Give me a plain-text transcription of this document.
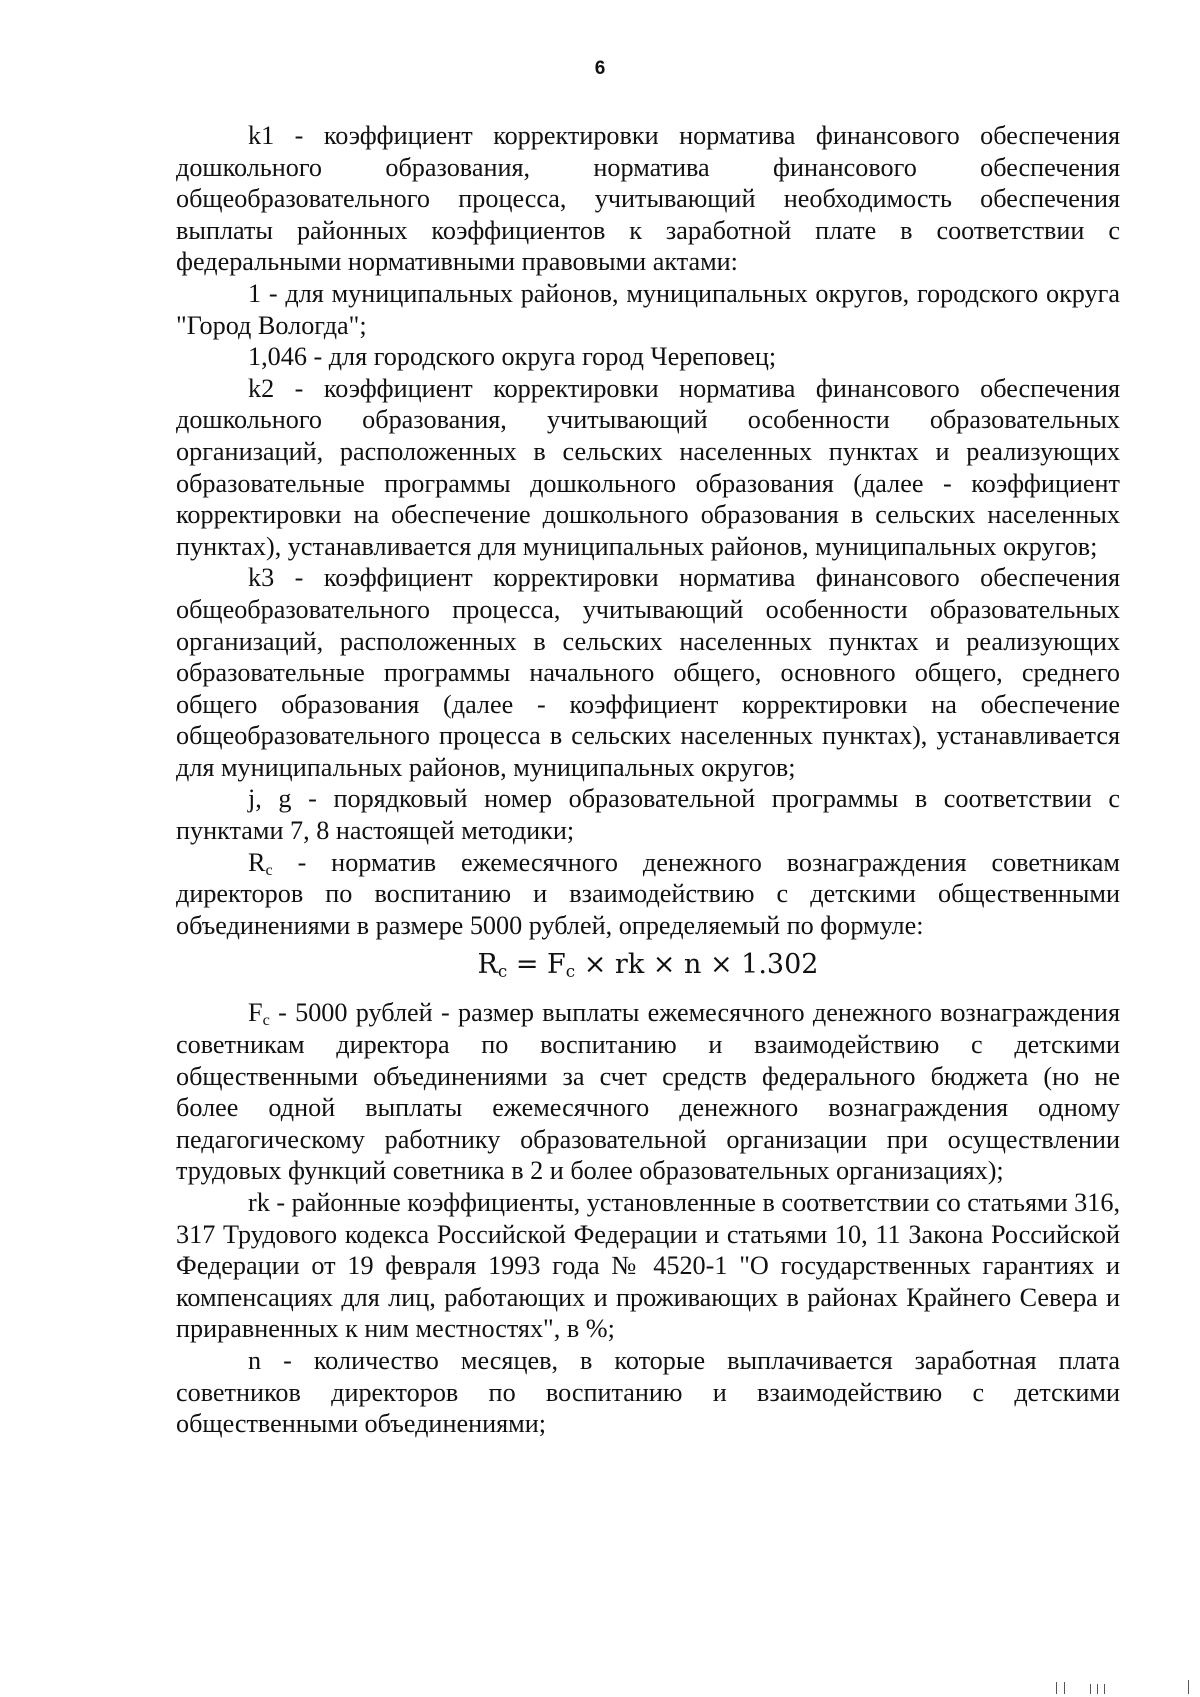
6

k1 - коэффициент корректировки норматива финансового обеспечения дошкольного образования, норматива финансового обеспечения общеобразовательного процесса, учитывающий необходимость обеспечения выплаты районных коэффициентов к заработной плате в соответствии с федеральными нормативными правовыми актами:

1 - для муниципальных районов, муниципальных округов, городского округа "Город Вологда";

1,046 - для городского округа город Череповец;

k2 - коэффициент корректировки норматива финансового обеспечения дошкольного образования, учитывающий особенности образовательных организаций, расположенных в сельских населенных пунктах и реализующих образовательные программы дошкольного образования (далее - коэффициент корректировки на обеспечение дошкольного образования в сельских населенных пунктах), устанавливается для муниципальных районов, муниципальных округов;

k3 - коэффициент корректировки норматива финансового обеспечения общеобразовательного процесса, учитывающий особенности образовательных организаций, расположенных в сельских населенных пунктах и реализующих образовательные программы начального общего, основного общего, среднего общего образования (далее - коэффициент корректировки на обеспечение общеобразовательного процесса в сельских населенных пунктах), устанавливается для муниципальных районов, муниципальных округов;

j, g - порядковый номер образовательной программы в соответствии с пунктами 7, 8 настоящей методики;

$R_c$ - норматив ежемесячного денежного вознаграждения советникам директоров по воспитанию и взаимодействию с детскими общественными объединениями в размере 5000 рублей, определяемый по формуле:

$R_c = F_c$ × rk × n × 1.302

$F_c - 5000$ рублей - размер выплаты ежемесячного денежного вознаграждения советникам директора по воспитанию и взаимодействию с детскими общественными объединениями за счет средств федерального бюджета (но не более одной выплаты ежемесячного денежного вознаграждения одному педагогическому работнику образовательной организации при осуществлении трудовых функций советника в 2 и более образовательных организациях);

rk - районные коэффициенты, установленные в соответствии со статьями 316, 317 Трудового кодекса Российской Федерации и статьями 10, 11 Закона Российской Федерации от 19 февраля 1993 года № 4520-1 "О государственных гарантиях и компенсациях для лиц, работающих и проживающих в районах Крайнего Севера и приравненных к ним местностях", в %;

n - количество месяцев, в которые выплачивается заработная плата советников директоров по воспитанию и взаимодействию с детскими общественными объединениями;
